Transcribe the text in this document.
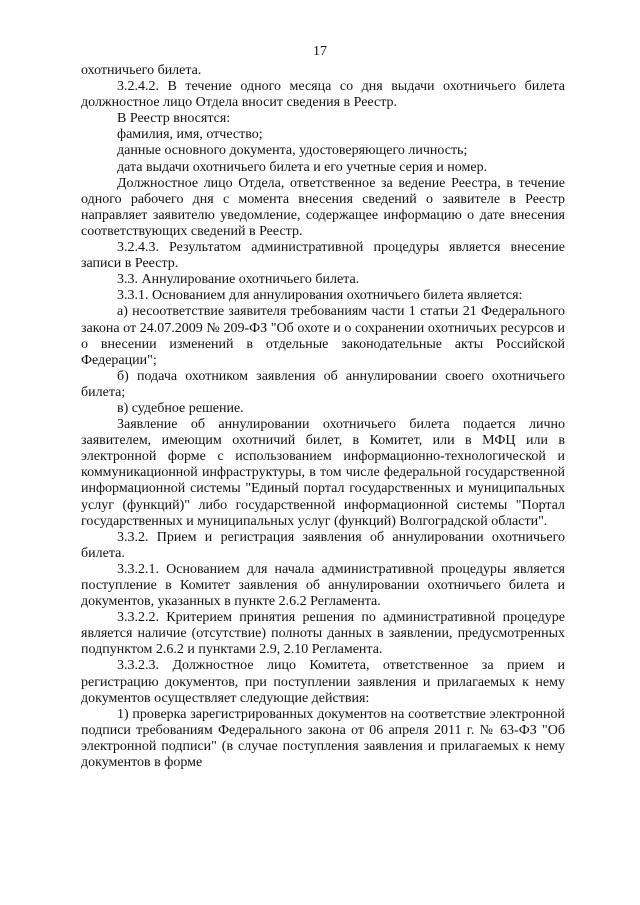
17

охотничьего билета.

3.2.4.2. В течение одного месяца со дня выдачи охотничьего билета должностное лицо Отдела вносит сведения в Реестр.

В Реестр вносятся:

фамилия, имя, отчество;

данные основного документа, удостоверяющего личность;

дата выдачи охотничьего билета и его учетные серия и номер.

Должностное лицо Отдела, ответственное за ведение Реестра, в течение одного рабочего дня с момента внесения сведений о заявителе в Реестр направляет заявителю уведомление, содержащее информацию о дате внесения соответствующих сведений в Реестр.

3.2.4.3. Результатом административной процедуры является внесение записи в Реестр.

3.3. Аннулирование охотничьего билета.

3.3.1. Основанием для аннулирования охотничьего билета является:

а) несоответствие заявителя требованиям части 1 статьи 21 Федерального закона от 24.07.2009 № 209-ФЗ "Об охоте и о сохранении охотничьих ресурсов и о внесении изменений в отдельные законодательные акты Российской Федерации";

б) подача охотником заявления об аннулировании своего охотничьего билета;

в) судебное решение.

Заявление об аннулировании охотничьего билета подается лично заявителем, имеющим охотничий билет, в Комитет, или в МФЦ или в электронной форме с использованием информационно-технологической и коммуникационной инфраструктуры, в том числе федеральной государственной информационной системы "Единый портал государственных и муниципальных услуг (функций)" либо государственной информационной системы "Портал государственных и муниципальных услуг (функций) Волгоградской области".

3.3.2. Прием и регистрация заявления об аннулировании охотничьего билета.

3.3.2.1. Основанием для начала административной процедуры является поступление в Комитет заявления об аннулировании охотничьего билета и документов, указанных в пункте 2.6.2 Регламента.

3.3.2.2. Критерием принятия решения по административной процедуре является наличие (отсутствие) полноты данных в заявлении, предусмотренных подпунктом 2.6.2 и пунктами 2.9, 2.10 Регламента.

3.3.2.3. Должностное лицо Комитета, ответственное за прием и регистрацию документов, при поступлении заявления и прилагаемых к нему документов осуществляет следующие действия:

1) проверка зарегистрированных документов на соответствие электронной подписи требованиям Федерального закона от 06 апреля 2011 г. № 63-ФЗ "Об электронной подписи" (в случае поступления заявления и прилагаемых к нему документов в форме
